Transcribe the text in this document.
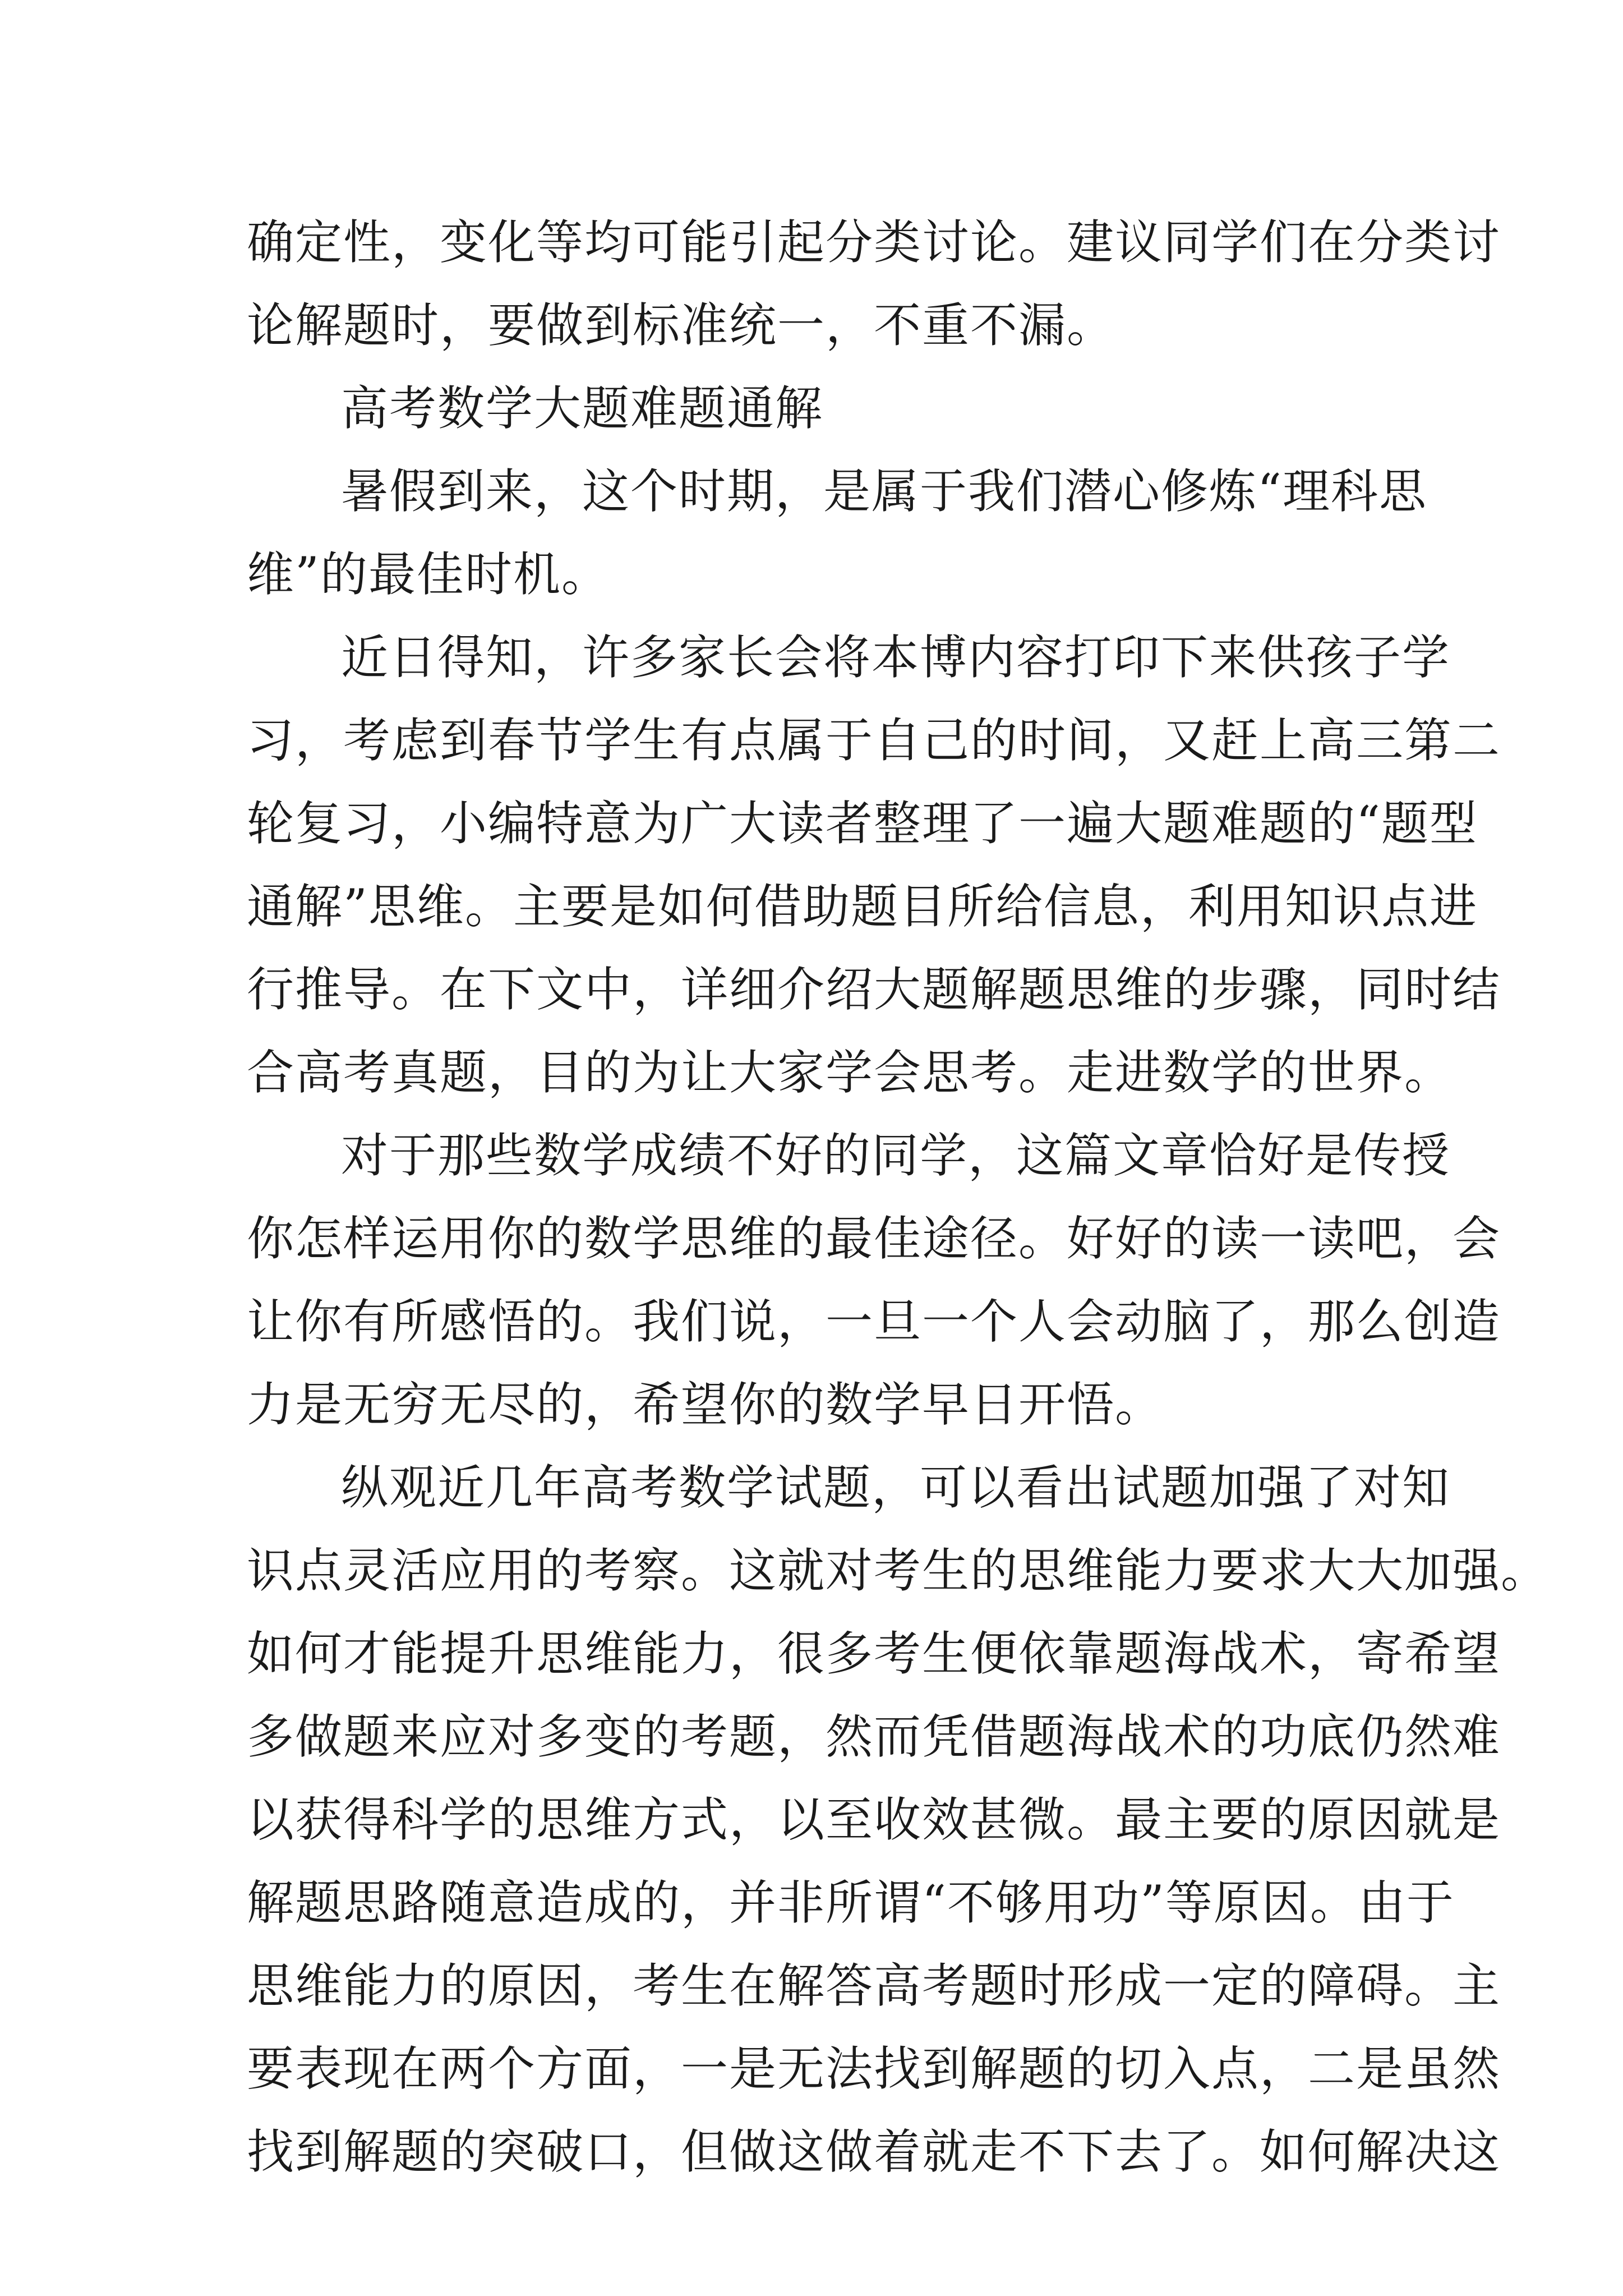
确定性，变化等均可能引起分类讨论。建议同学们在分类讨
论解题时，要做到标准统一，不重不漏。
高考数学大题难题通解
暑假到来，这个时期，是属于我们潜心修炼“理科思
维”的最佳时机。
近日得知，许多家长会将本博内容打印下来供孩子学
习，考虑到春节学生有点属于自己的时间，又赶上高三第二
轮复习，小编特意为广大读者整理了一遍大题难题的“题型
通解”思维。主要是如何借助题目所给信息，利用知识点进
行推导。在下文中，详细介绍大题解题思维的步骤，同时结
合高考真题，目的为让大家学会思考。走进数学的世界。
对于那些数学成绩不好的同学，这篇文章恰好是传授
你怎样运用你的数学思维的最佳途径。好好的读一读吧，会
让你有所感悟的。我们说，一旦一个人会动脑了，那么创造
力是无穷无尽的，希望你的数学早日开悟。
纵观近几年高考数学试题，可以看出试题加强了对知
识点灵活应用的考察。这就对考生的思维能力要求大大加强。
如何才能提升思维能力，很多考生便依靠题海战术，寄希望
多做题来应对多变的考题，然而凭借题海战术的功底仍然难
以获得科学的思维方式，以至收效甚微。最主要的原因就是
解题思路随意造成的，并非所谓“不够用功”等原因。由于
思维能力的原因，考生在解答高考题时形成一定的障碍。主
要表现在两个方面，一是无法找到解题的切入点，二是虽然
找到解题的突破口，但做这做着就走不下去了。如何解决这
